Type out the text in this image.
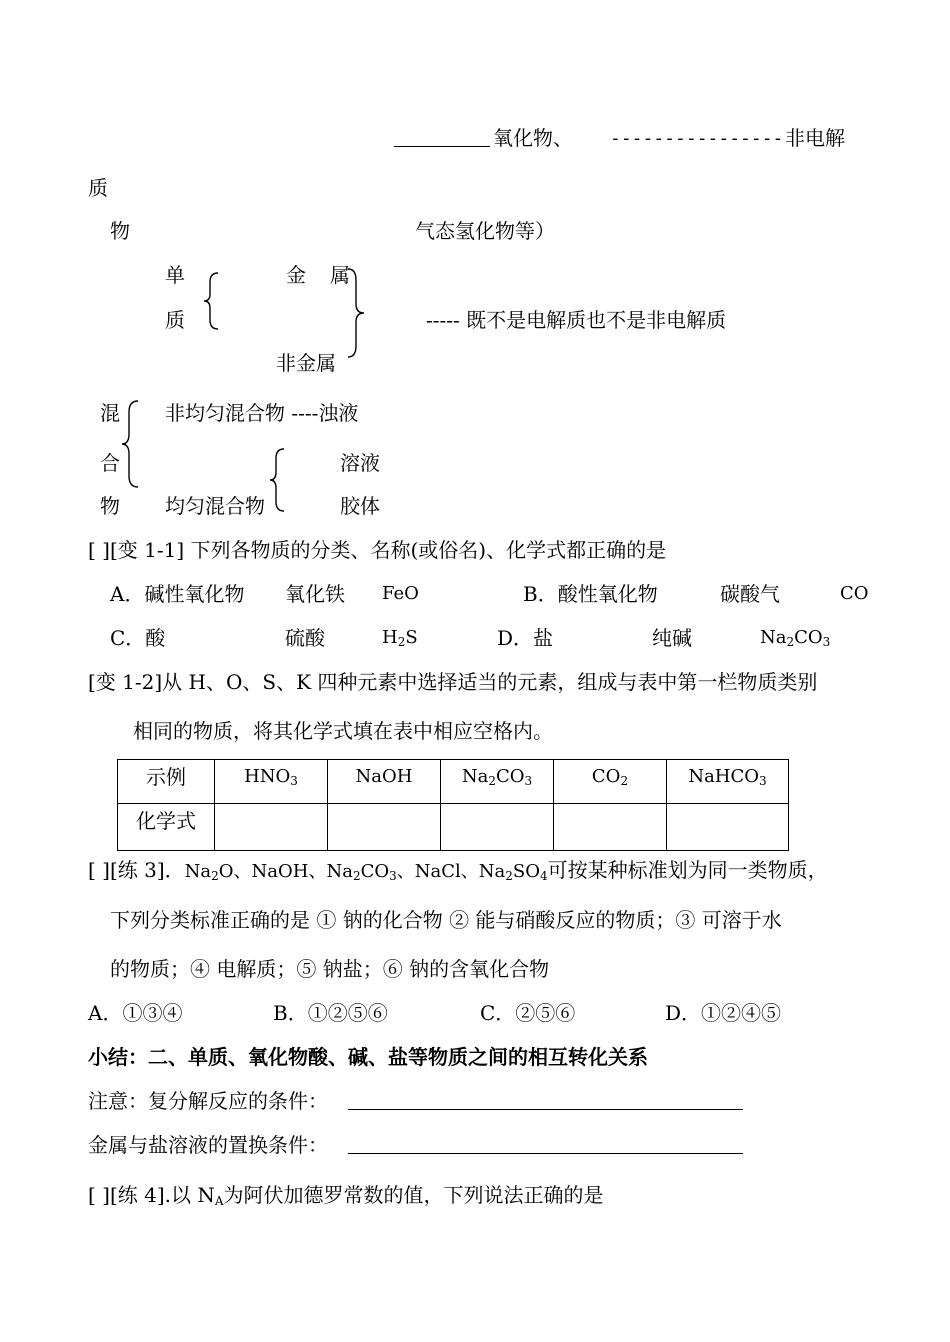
氧化物、 ---------------- 非电解
质
物	气态氢化物等）
单
质
金 属
非金属
----- 既不是电解质也不是非电解质
混
合
物
非均匀混合物 ----浊液
溶液
均匀混合物	胶体
[ ][变 1-1] 下列各物质的分类、名称(或俗名)、化学式都正确的是
A．碱性氧化物 氧化铁 FeO	B．酸性氧化物	碳酸气	CO
C．酸	硫酸	$H_2S$	D．盐	纯碱	$Na_2CO_3$
[变 1-2]从 H、O、S、K 四种元素中选择适当的元素，组成与表中第一栏物质类别
相同的物质，将其化学式填在表中相应空格内。
示例	$HNO_3$	NaOH	$Na_2CO_3$	$CO_2$	NaHCO$_3$
化学式					
[ ][练 3]．$Na_2O$、NaOH、$Na_2CO_3$、NaCl、$Na_2SO_4$可按某种标准划为同一类物质，
下列分类标准正确的是 ① 钠的化合物 ② 能与硝酸反应的物质；③ 可溶于水
的物质；④ 电解质；⑤ 钠盐；⑥ 钠的含氧化合物
A．①③④	B．①②⑤⑥	C．②⑤⑥	D．①②④⑤
小结：二、单质、氧化物酸、碱、盐等物质之间的相互转化关系
注意：复分解反应的条件：
金属与盐溶液的置换条件：
[ ][练 4].以 $N_A$为阿伏加德罗常数的值，下列说法正确的是
